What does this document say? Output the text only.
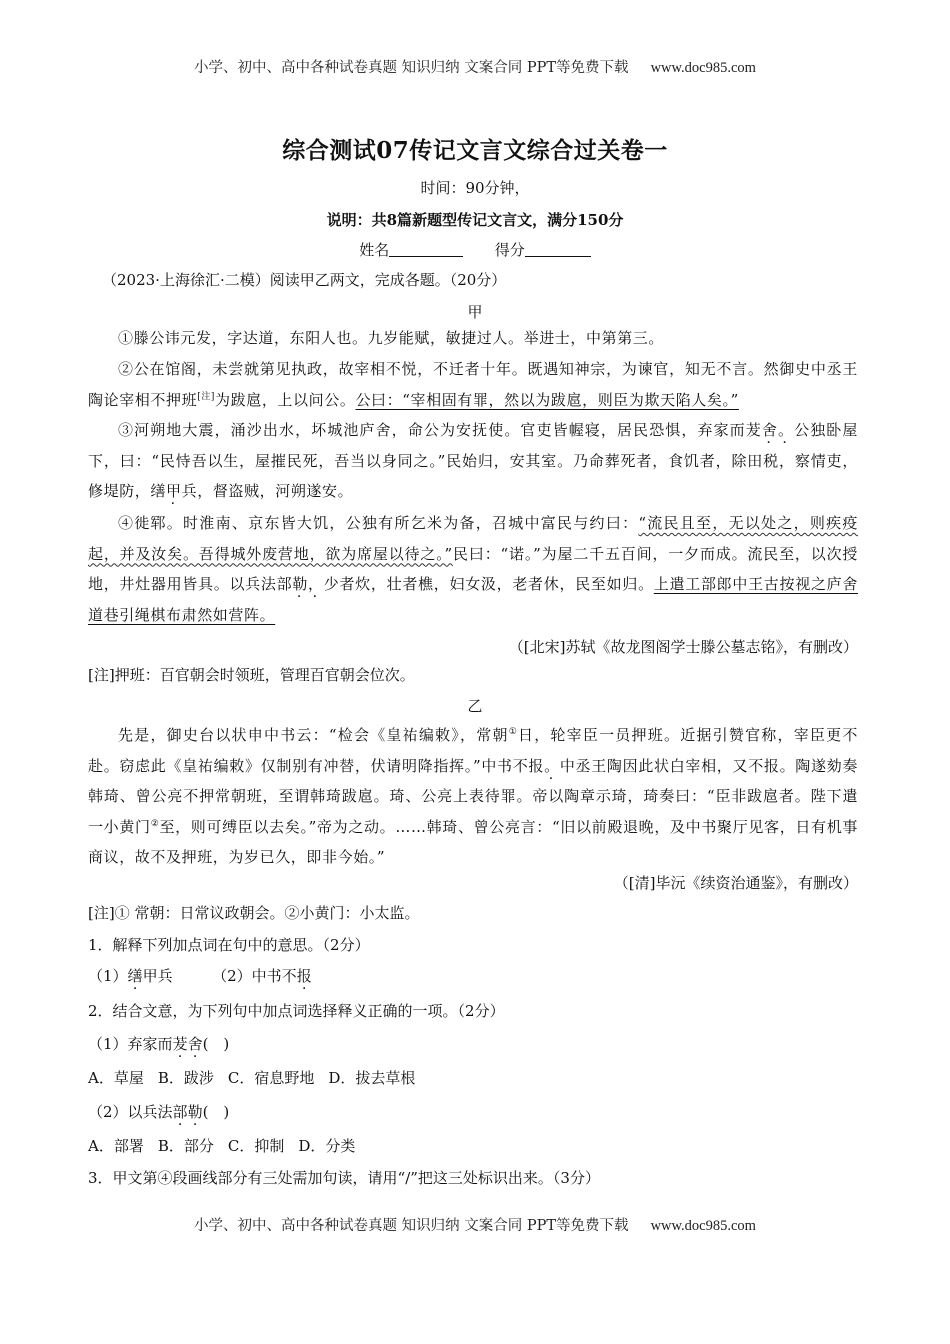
小学、初中、高中各种试卷真题 知识归纳 文案合同 PPT等免费下载 www.doc985.com
综合测试07传记文言文综合过关卷一
时间：90分钟，
说明：共8篇新题型传记文言文，满分150分
姓名	得分
（2023·上海徐汇·二模）阅读甲乙两文，完成各题。（20分）
甲
①滕公讳元发，字达道，东阳人也。九岁能赋，敏捷过人。举进士，中第第三。
②公在馆阁，未尝就第见执政，故宰相不悦，不迁者十年。既遇知神宗，为谏官，知无不言。然御史中丞王陶论宰相不押班[注]为跋扈，上以问公。公曰：“宰相固有罪，然以为跋扈，则臣为欺天陷人矣。”
③河朔地大震，涌沙出水，坏城池庐舍，命公为安抚使。官吏皆幄寝，居民恐惧，弃家而茇舍。公独卧屋下，曰：“民恃吾以生，屋摧民死，吾当以身同之。”民始归，安其室。乃命葬死者，食饥者，除田税，察情吏，修堤防，缮甲兵，督盗贼，河朔遂安。
④徙郓。时淮南、京东皆大饥，公独有所乞米为备，召城中富民与约曰：“流民且至，无以处之，则疾疫起，并及汝矣。吾得城外废营地，欲为席屋以待之。”民曰：“诺。”为屋二千五百间，一夕而成。流民至，以次授地，井灶器用皆具。以兵法部勒，少者炊，壮者樵，妇女汲，老者休，民至如归。上遣工部郎中王古按视之庐舍道巷引绳棋布肃然如营阵。
（[北宋]苏轼《故龙图阁学士滕公墓志铭》，有删改）
[注]押班：百官朝会时领班，管理百官朝会位次。
乙
先是，御史台以状申中书云：“检会《皇祐编敕》，常朝①日，轮宰臣一员押班。近据引赞官称，宰臣更不赴。窃虑此《皇祐编敕》仅制别有冲替，伏请明降指挥。”中书不报。中丞王陶因此状白宰相，又不报。陶遂劾奏韩琦、曾公亮不押常朝班，至谓韩琦跋扈。琦、公亮上表待罪。帝以陶章示琦，琦奏曰：“臣非跋扈者。陛下遣一小黄门②至，则可缚臣以去矣。”帝为之动。……韩琦、曾公亮言：“旧以前殿退晚，及中书聚厅见客，日有机事商议，故不及押班，为岁已久，即非今始。”
（[清]毕沅《续资治通鉴》，有删改）
[注]① 常朝：日常议政朝会。②小黄门：小太监。
1．解释下列加点词在句中的意思。（2分）
（1）缮甲兵	（2）中书不报
2．结合文意，为下列句中加点词选择释义正确的一项。（2分）
（1）弃家而茇舍(　)
A．草屋 B．跋涉 C．宿息野地 D．拔去草根
（2）以兵法部勒(　)
A．部署 B．部分 C．抑制 D．分类
3．甲文第④段画线部分有三处需加句读，请用“/”把这三处标识出来。（3分）
小学、初中、高中各种试卷真题 知识归纳 文案合同 PPT等免费下载 www.doc985.com
